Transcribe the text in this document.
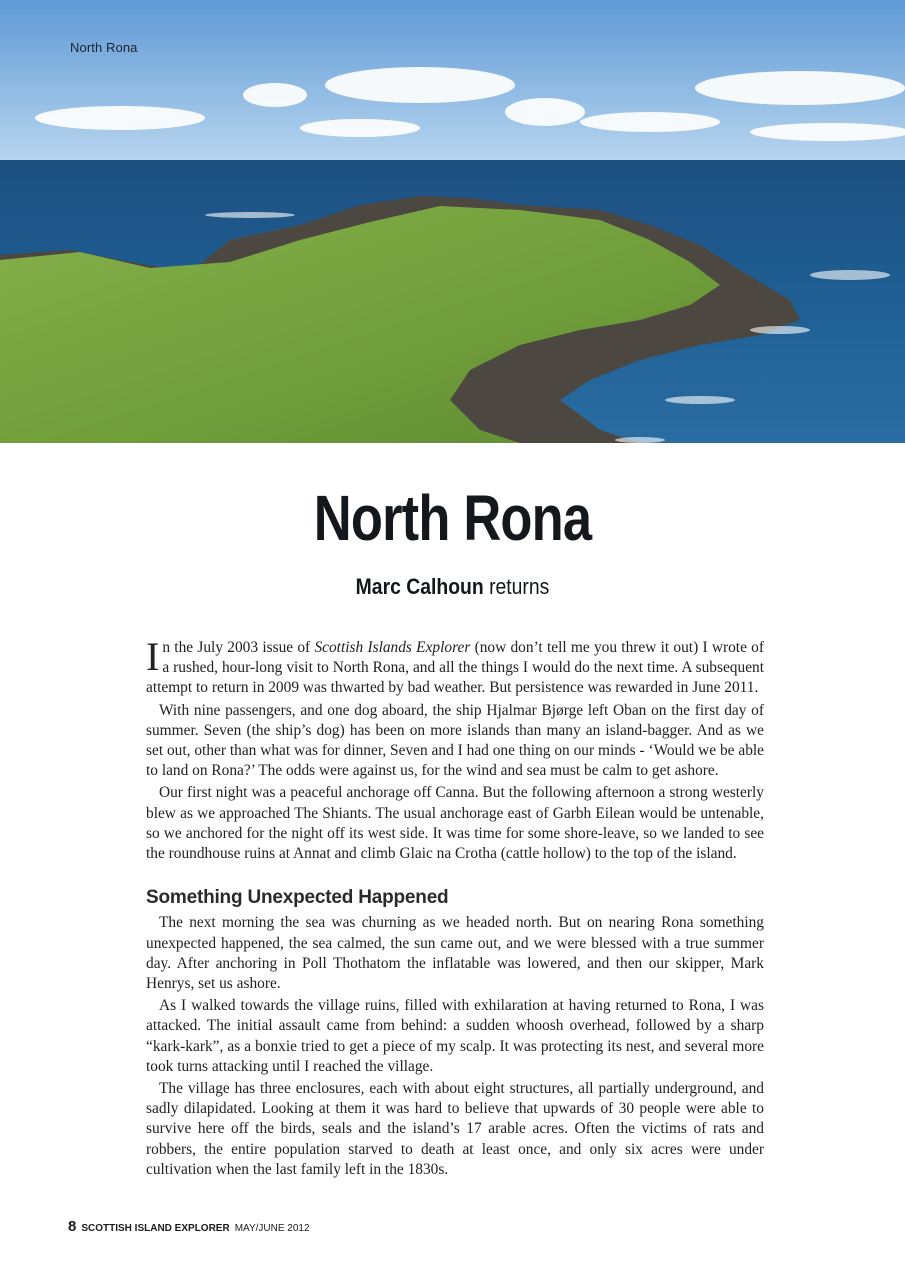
North Rona
North Rona
Marc Calhoun returns

In the July 2003 issue of Scottish Islands Explorer (now don’t tell me you threw it out) I wrote of a rushed, hour-long visit to North Rona, and all the things I would do the next time. A subsequent attempt to return in 2009 was thwarted by bad weather. But persistence was rewarded in June 2011.

With nine passengers, and one dog aboard, the ship Hjalmar Bjørge left Oban on the first day of summer. Seven (the ship’s dog) has been on more islands than many an island-bagger. And as we set out, other than what was for dinner, Seven and I had one thing on our minds - ‘Would we be able to land on Rona?’ The odds were against us, for the wind and sea must be calm to get ashore.

Our first night was a peaceful anchorage off Canna. But the following afternoon a strong westerly blew as we approached The Shiants. The usual anchorage east of Garbh Eilean would be untenable, so we anchored for the night off its west side. It was time for some shore-leave, so we landed to see the roundhouse ruins at Annat and climb Glaic na Crotha (cattle hollow) to the top of the island.

Something Unexpected Happened

The next morning the sea was churning as we headed north. But on nearing Rona something unexpected happened, the sea calmed, the sun came out, and we were blessed with a true summer day. After anchoring in Poll Thothatom the inflatable was lowered, and then our skipper, Mark Henrys, set us ashore.

As I walked towards the village ruins, filled with exhilaration at having returned to Rona, I was attacked. The initial assault came from behind: a sudden whoosh overhead, followed by a sharp “kark-kark”, as a bonxie tried to get a piece of my scalp. It was protecting its nest, and several more took turns attacking until I reached the village.

The village has three enclosures, each with about eight structures, all partially underground, and sadly dilapidated. Looking at them it was hard to believe that upwards of 30 people were able to survive here off the birds, seals and the island’s 17 arable acres. Often the victims of rats and robbers, the entire population starved to death at least once, and only six acres were under cultivation when the last family left in the 1830s.

8 SCOTTISH ISLAND EXPLORER MAY/JUNE 2012
